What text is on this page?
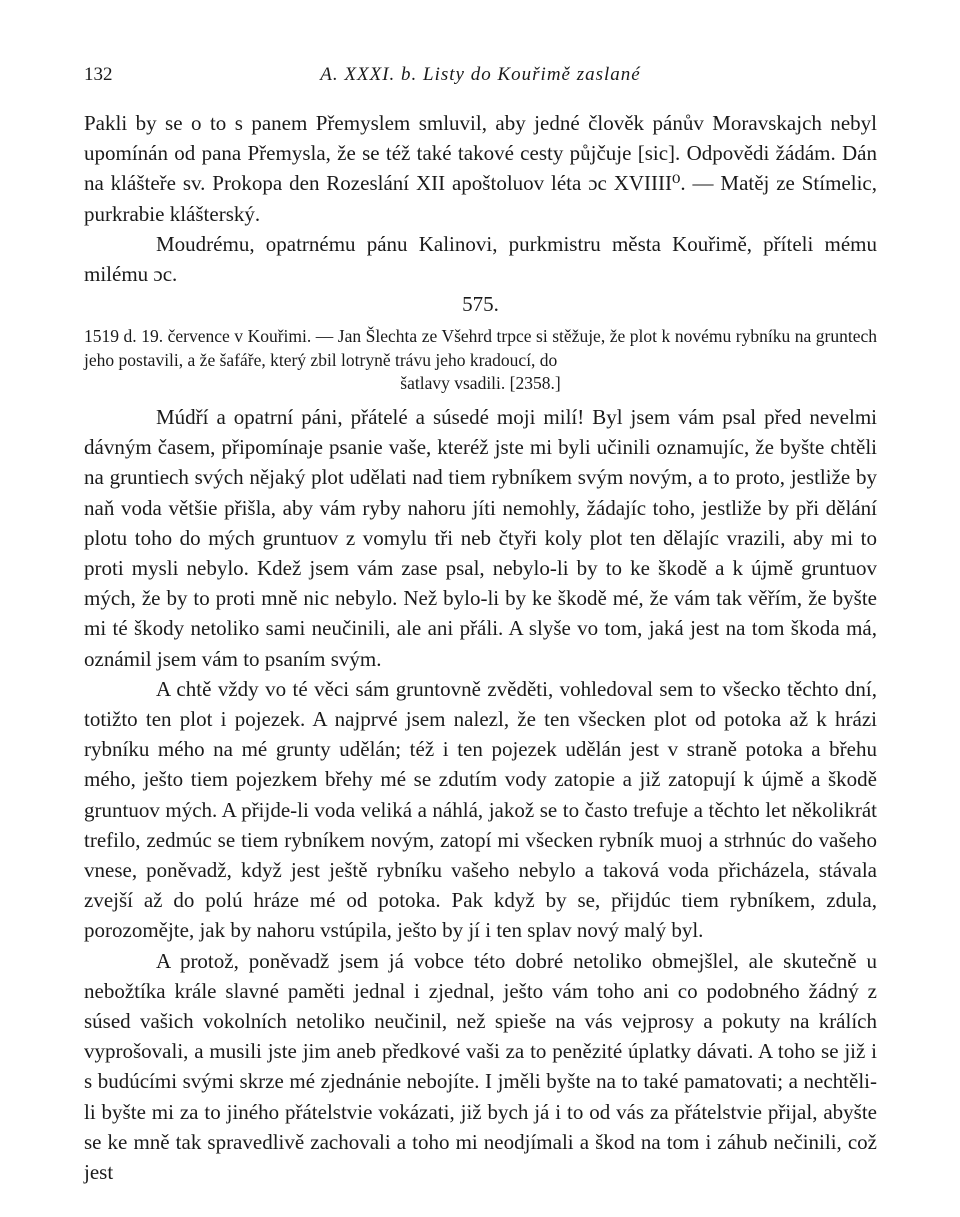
132	A. XXXI. b. Listy do Kouřimě zaslané

Pakli by se o to s panem Přemyslem smluvil, aby jedné člověk pánův Moravskajch nebyl upomínán od pana Přemysla, že se též také takové cesty půjčuje [sic]. Odpovědi žádám. Dán na klášteře sv. Prokopa den Rozeslání XII apoštoluov léta ɔc XVIIII⁰. — Matěj ze Stímelic, purkrabie klášterský.

Moudrému, opatrnému pánu Kalinovi, purkmistru města Kouřimě, příteli mému milému ɔc.

575.

1519 d. 19. července v Kouřimi. — Jan Šlechta ze Všehrd trpce si stěžuje, že plot k novému rybníku na gruntech jeho postavili, a že šafáře, který zbil lotryně trávu jeho kradoucí, do
šatlavy vsadili. [2358.]

Múdří a opatrní páni, přátelé a súsedé moji milí! Byl jsem vám psal před nevelmi dávným časem, připomínaje psanie vaše, kteréž jste mi byli učinili oznamujíc, že byšte chtěli na gruntiech svých nějaký plot udělati nad tiem rybníkem svým novým, a to proto, jestliže by naň voda většie přišla, aby vám ryby nahoru jíti nemohly, žádajíc toho, jestliže by při dělání plotu toho do mých gruntuov z vomylu tři neb čtyři koly plot ten dělajíc vrazili, aby mi to proti mysli nebylo. Kdež jsem vám zase psal, nebylo-li by to ke škodě a k újmě gruntuov mých, že by to proti mně nic nebylo. Než bylo-li by ke škodě mé, že vám tak věřím, že byšte mi té škody netoliko sami neučinili, ale ani přáli. A slyše vo tom, jaká jest na tom škoda má, oznámil jsem vám to psaním svým.

A chtě vždy vo té věci sám gruntovně zvěděti, vohledoval sem to všecko těchto dní, totižto ten plot i pojezek. A najprvé jsem nalezl, že ten všecken plot od potoka až k hrázi rybníku mého na mé grunty udělán; též i ten pojezek udělán jest v straně potoka a břehu mého, ješto tiem pojezkem břehy mé se zdutím vody zatopie a již zatopují k újmě a škodě gruntuov mých. A přijde-li voda veliká a náhlá, jakož se to často trefuje a těchto let několikrát trefilo, zedmúc se tiem rybníkem novým, zatopí mi všecken rybník muoj a strhnúc do vašeho vnese, poněvadž, když jest ještě rybníku vašeho nebylo a taková voda přicházela, stávala zvejší až do polú hráze mé od potoka. Pak když by se, přijdúc tiem rybníkem, zdula, porozomějte, jak by nahoru vstúpila, ješto by jí i ten splav nový malý byl.

A protož, poněvadž jsem já vobce této dobré netoliko obmejšlel, ale skutečně u nebožtíka krále slavné paměti jednal i zjednal, ješto vám toho ani co podobného žádný z súsed vašich vokolních netoliko neučinil, než spieše na vás vejprosy a pokuty na králích vyprošovali, a musili jste jim aneb předkové vaši za to penězité úplatky dávati. A toho se již i s budúcími svými skrze mé zjednánie nebojíte. I jměli byšte na to také pamatovati; a nechtěli-li byšte mi za to jiného přátelstvie vokázati, již bych já i to od vás za přátelstvie přijal, abyšte se ke mně tak spravedlivě zachovali a toho mi neodjímali a škod na tom i záhub nečinili, což jest
